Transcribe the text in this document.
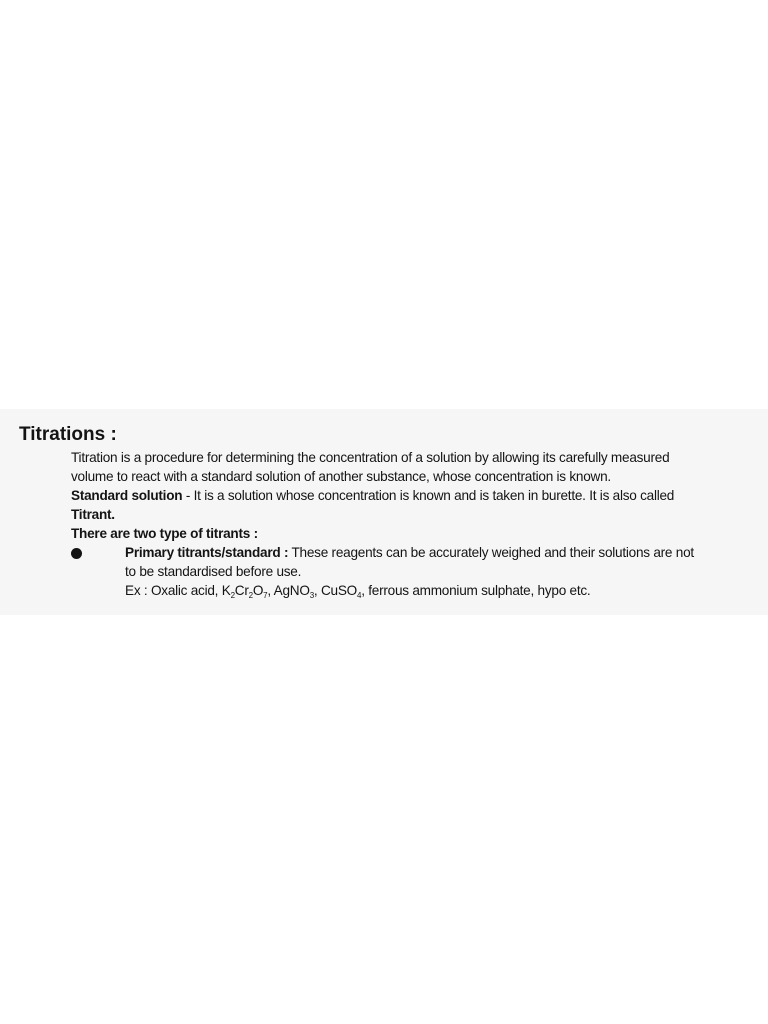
Titrations :

Titration is a procedure for determining the concentration of a solution by allowing its carefully measured
volume to react with a standard solution of another substance, whose concentration is known.

Standard solution - It is a solution whose concentration is known and is taken in burette. It is also called
Titrant.

There are two type of titrants :

Primary titrants/standard : These reagents can be accurately weighed and their solutions are not
to be standardised before use.
Ex : Oxalic acid, $K_2Cr_2O_7$, AgNO$_3$, CuSO$_4$, ferrous ammonium sulphate, hypo etc.
